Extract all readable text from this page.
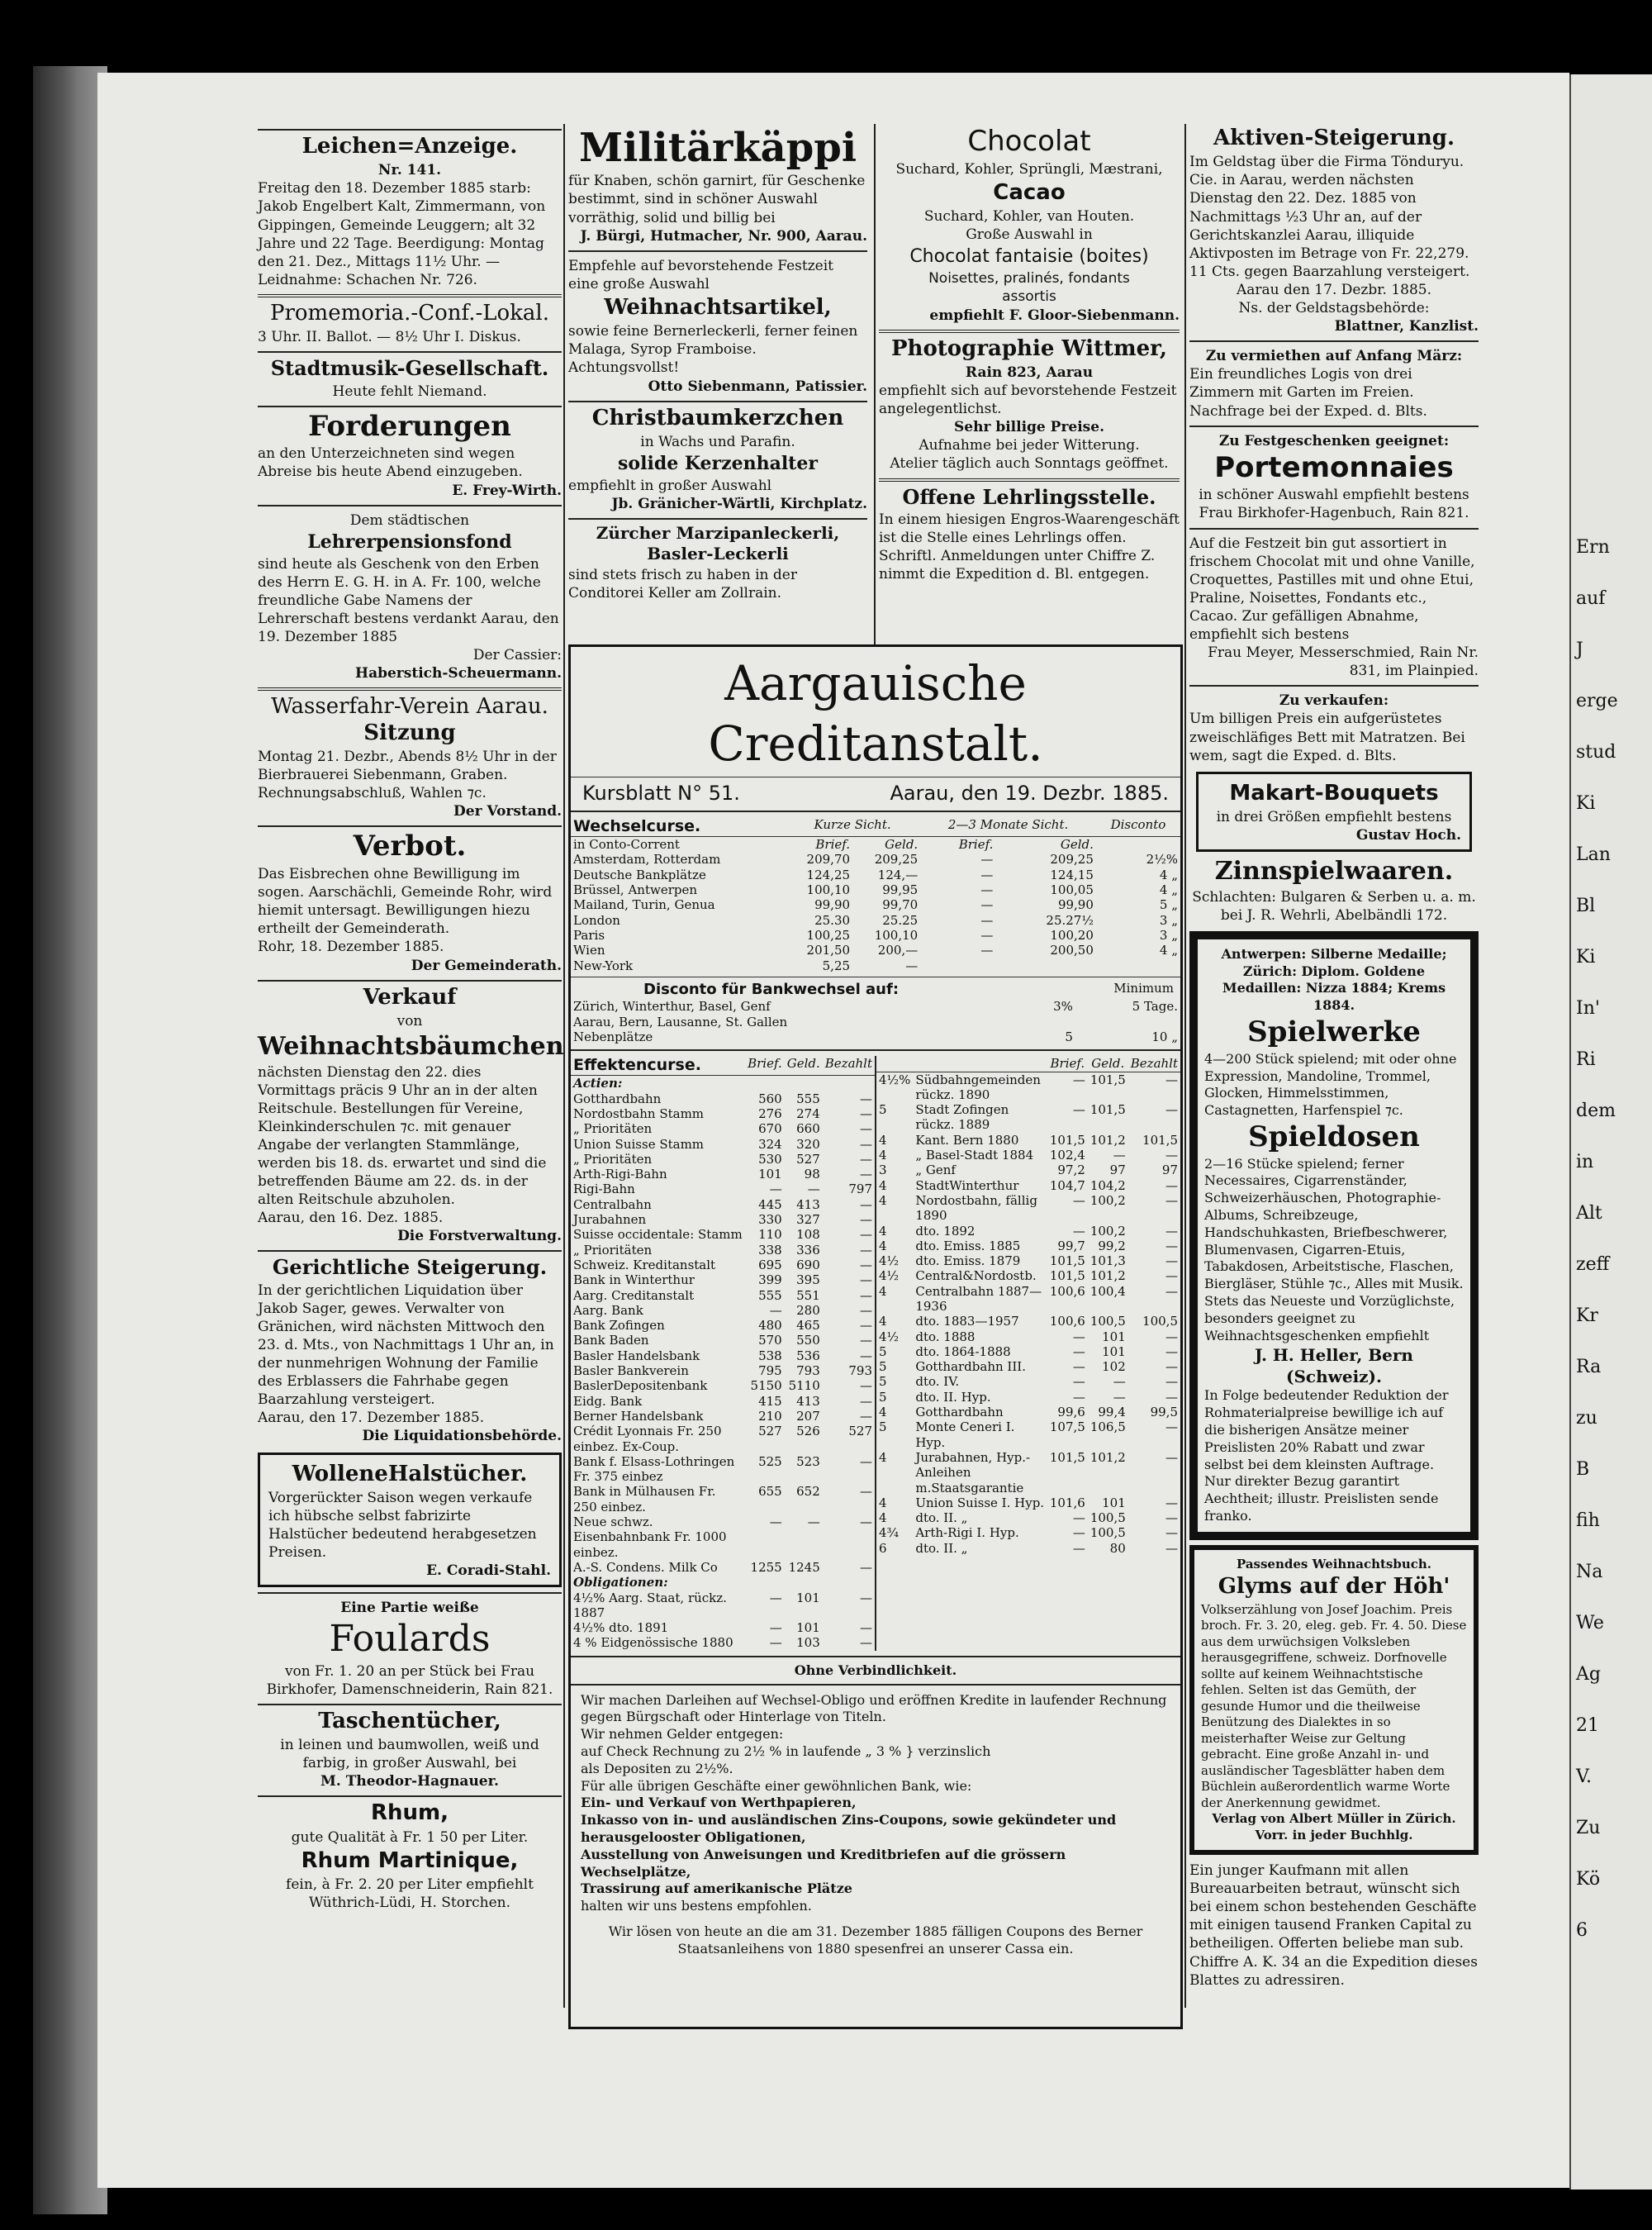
Leichen=Anzeige.
Nr. 141.
Freitag den 18. Dezember 1885 starb: Jakob Engelbert Kalt, Zimmermann, von Gippingen, Gemeinde Leuggern; alt 32 Jahre und 22 Tage. Beerdigung: Montag den 21. Dez., Mittags 11½ Uhr. — Leidnahme: Schachen Nr. 726.
Promemoria.-Conf.-Lokal.
3 Uhr. II. Ballot. — 8½ Uhr I. Diskus.
Stadtmusik-Gesellschaft.
Heute fehlt Niemand.
Forderungen
an den Unterzeichneten sind wegen Abreise bis heute Abend einzugeben.
E. Frey-Wirth.
Dem städtischen
Lehrerpensionsfond
sind heute als Geschenk von den Erben des Herrn E. G. H. in A. Fr. 100, welche freundliche Gabe Namens der Lehrerschaft bestens verdankt Aarau, den 19. Dezember 1885
Der Cassier:
Haberstich-Scheuermann.
Wasserfahr-Verein Aarau.
Sitzung
Montag 21. Dezbr., Abends 8½ Uhr in der Bierbrauerei Siebenmann, Graben. Rechnungsabschluß, Wahlen ⁊c.
Der Vorstand.
Verbot.
Das Eisbrechen ohne Bewilligung im sogen. Aarschächli, Gemeinde Rohr, wird hiemit untersagt. Bewilligungen hiezu ertheilt der Gemeinderath.
Rohr, 18. Dezember 1885.
Der Gemeinderath.
Verkauf
von
Weihnachtsbäumchen
nächsten Dienstag den 22. dies Vormittags präcis 9 Uhr an in der alten Reitschule. Bestellungen für Vereine, Kleinkinderschulen ⁊c. mit genauer Angabe der verlangten Stammlänge, werden bis 18. ds. erwartet und sind die betreffenden Bäume am 22. ds. in der alten Reitschule abzuholen.
Aarau, den 16. Dez. 1885.
Die Forstverwaltung.
Gerichtliche Steigerung.
In der gerichtlichen Liquidation über Jakob Sager, gewes. Verwalter von Gränichen, wird nächsten Mittwoch den 23. d. Mts., von Nachmittags 1 Uhr an, in der nunmehrigen Wohnung der Familie des Erblassers die Fahrhabe gegen Baarzahlung versteigert.
Aarau, den 17. Dezember 1885.
Die Liquidationsbehörde.
WolleneHalstücher.
Vorgerückter Saison wegen verkaufe ich hübsche selbst fabrizirte Halstücher bedeutend herabgesetzen Preisen.
E. Coradi-Stahl.
Eine Partie weiße
Foulards
von Fr. 1. 20 an per Stück bei Frau Birkhofer, Damenschneiderin, Rain 821.
Taschentücher,
in leinen und baumwollen, weiß und farbig, in großer Auswahl, bei
M. Theodor-Hagnauer.
Rhum,
gute Qualität à Fr. 1 50 per Liter.
Rhum Martinique,
fein, à Fr. 2. 20 per Liter empfiehlt Wüthrich-Lüdi, H. Storchen.
Militärkäppi
für Knaben, schön garnirt, für Geschenke bestimmt, sind in schöner Auswahl vorräthig, solid und billig bei
J. Bürgi, Hutmacher, Nr. 900, Aarau.
Empfehle auf bevorstehende Festzeit eine große Auswahl
Weihnachtsartikel,
sowie feine Bernerleckerli, ferner feinen Malaga, Syrop Framboise. Achtungsvollst!
Otto Siebenmann, Patissier.
Christbaumkerzchen
in Wachs und Parafin.
solide Kerzenhalter
empfiehlt in großer Auswahl
Jb. Gränicher-Wärtli, Kirchplatz.
Zürcher Marzipanleckerli,
Basler-Leckerli
sind stets frisch zu haben in der Conditorei Keller am Zollrain.
Chocolat
Suchard, Kohler, Sprüngli, Mæstrani,
Cacao
Suchard, Kohler, van Houten.
Große Auswahl in
Chocolat fantaisie (boites)
Noisettes, pralinés, fondants
assortis
empfiehlt F. Gloor-Siebenmann.
Photographie Wittmer,
Rain 823, Aarau
empfiehlt sich auf bevorstehende Festzeit angelegentlichst.
Sehr billige Preise.
Aufnahme bei jeder Witterung.
Atelier täglich auch Sonntags geöffnet.
Offene Lehrlingsstelle.
In einem hiesigen Engros-Waarengeschäft ist die Stelle eines Lehrlings offen. Schriftl. Anmeldungen unter Chiffre Z. nimmt die Expedition d. Bl. entgegen.
Aargauische Creditanstalt.
Kursblatt N° 51.	Aarau, den 19. Dezbr. 1885.
Wechselcurse.	Kurze Sicht.		2—3 Monate Sicht.		Disconto
in Conto-Corrent	Brief.	Geld.	Brief.	Geld.	
Amsterdam, Rotterdam	209,70	209,25	—	209,25	2½%
Deutsche Bankplätze	124,25	124,—	—	124,15	4 „
Brüssel, Antwerpen	100,10	99,95	—	100,05	4 „
Mailand, Turin, Genua	99,90	99,70	—	99,90	5 „
London	25.30	25.25	—	25.27½	3 „
Paris	100,25	100,10	—	100,20	3 „
Wien	201,50	200,—	—	200,50	4 „
New-York	5,25	—			
Disconto für Bankwechsel auf:	Minimum
Zürich, Winterthur, Basel, Genf	3%	5 Tage.
Aarau, Bern, Lausanne, St. Gallen		
Nebenplätze	5	10 „
Effektencurse.	Brief.	Geld.	Bezahlt
Actien:			
Gotthardbahn	560	555	—
Nordostbahn Stamm	276	274	—
„ Prioritäten	670	660	—
Union Suisse Stamm	324	320	—
„ Prioritäten	530	527	—
Arth-Rigi-Bahn	101	98	—
Rigi-Bahn	—	—	797
Centralbahn	445	413	—
Jurabahnen	330	327	—
Suisse occidentale: Stamm	110	108	—
„ Prioritäten	338	336	—
Schweiz. Kreditanstalt	695	690	—
Bank in Winterthur	399	395	—
Aarg. Creditanstalt	555	551	—
Aarg. Bank	—	280	—
Bank Zofingen	480	465	—
Bank Baden	570	550	—
Basler Handelsbank	538	536	—
Basler Bankverein	795	793	793
BaslerDepositenbank	5150	5110	—
Eidg. Bank	415	413	—
Berner Handelsbank	210	207	—
Crédit Lyonnais Fr. 250 einbez. Ex-Coup.	527	526	527
Bank f. Elsass-Lothringen Fr. 375 einbez	525	523	—
Bank in Mülhausen Fr. 250 einbez.	655	652	—
Neue schwz. Eisenbahnbank Fr. 1000 einbez.	—	—	—
A.-S. Condens. Milk Co	1255	1245	—
Obligationen:			
4½% Aarg. Staat, rückz. 1887	—	101	—
4½% dto. 1891	—	101	—
4 % Eidgenössische 1880	—	103	—
		Brief.	Geld.	Bezahlt
4½%	Südbahngemeinden rückz. 1890	—	101,5	—
5	Stadt Zofingen rückz. 1889	—	101,5	—
4	Kant. Bern 1880	101,5	101,2	101,5
4	„ Basel-Stadt 1884	102,4	—	—
3	„ Genf	97,2	97	97
4	StadtWinterthur	104,7	104,2	—
4	Nordostbahn, fällig 1890	—	100,2	—
4	dto. 1892	—	100,2	—
4	dto. Emiss. 1885	99,7	99,2	—
4½	dto. Emiss. 1879	101,5	101,3	—
4½	Central&Nordostb.	101,5	101,2	—
4	Centralbahn 1887—1936	100,6	100,4	—
4	dto. 1883—1957	100,6	100,5	100,5
4½	dto. 1888	—	101	—
5	dto. 1864-1888	—	101	—
5	Gotthardbahn III.	—	102	—
5	dto. IV.	—	—	—
5	dto. II. Hyp.	—	—	—
4	Gotthardbahn	99,6	99,4	99,5
5	Monte Ceneri I. Hyp.	107,5	106,5	—
4	Jurabahnen, Hyp.-Anleihen m.Staatsgarantie	101,5	101,2	—
4	Union Suisse I. Hyp.	101,6	101	—
4	dto. II. „	—	100,5	—
4¾	Arth-Rigi I. Hyp.	—	100,5	—
6	dto. II. „	—	80	—
Ohne Verbindlichkeit.
Wir machen Darleihen auf Wechsel-Obligo und eröffnen Kredite in laufender Rechnung gegen Bürgschaft oder Hinterlage von Titeln.
Wir nehmen Gelder entgegen:
auf Check Rechnung zu 2½ % in laufende „ 3 % } verzinslich
als Depositen zu 2½%.
Für alle übrigen Geschäfte einer gewöhnlichen Bank, wie:
Ein- und Verkauf von Werthpapieren,
Inkasso von in- und ausländischen Zins-Coupons, sowie gekündeter und herausgelooster Obligationen,
Ausstellung von Anweisungen und Kreditbriefen auf die grössern Wechselplätze,
Trassirung auf amerikanische Plätze
halten wir uns bestens empfohlen.
Wir lösen von heute an die am 31. Dezember 1885 fälligen Coupons des Berner Staatsanleihens von 1880 spesenfrei an unserer Cassa ein.
Aktiven-Steigerung.
Im Geldstag über die Firma Tönduryu. Cie. in Aarau, werden nächsten Dienstag den 22. Dez. 1885 von Nachmittags ½3 Uhr an, auf der Gerichtskanzlei Aarau, illiquide Aktivposten im Betrage von Fr. 22,279. 11 Cts. gegen Baarzahlung versteigert.
Aarau den 17. Dezbr. 1885.
Ns. der Geldstagsbehörde:
Blattner, Kanzlist.
Zu vermiethen auf Anfang März:
Ein freundliches Logis von drei Zimmern mit Garten im Freien. Nachfrage bei der Exped. d. Blts.
Zu Festgeschenken geeignet:
Portemonnaies
in schöner Auswahl empfiehlt bestens Frau Birkhofer-Hagenbuch, Rain 821.
Auf die Festzeit bin gut assortiert in frischem Chocolat mit und ohne Vanille, Croquettes, Pastilles mit und ohne Etui, Praline, Noisettes, Fondants etc., Cacao. Zur gefälligen Abnahme, empfiehlt sich bestens
Frau Meyer, Messerschmied, Rain Nr. 831, im Plainpied.
Zu verkaufen:
Um billigen Preis ein aufgerüstetes zweischläfiges Bett mit Matratzen. Bei wem, sagt die Exped. d. Blts.
Makart-Bouquets
in drei Größen empfiehlt bestens
Gustav Hoch.
Zinnspielwaaren.
Schlachten: Bulgaren & Serben u. a. m. bei J. R. Wehrli, Abelbändli 172.
Antwerpen: Silberne Medaille; Zürich: Diplom. Goldene Medaillen: Nizza 1884; Krems 1884.
Spielwerke
4—200 Stück spielend; mit oder ohne Expression, Mandoline, Trommel, Glocken, Himmelsstimmen, Castagnetten, Harfenspiel ⁊c.
Spieldosen
2—16 Stücke spielend; ferner Necessaires, Cigarrenständer, Schweizerhäuschen, Photographie-Albums, Schreibzeuge, Handschuhkasten, Briefbeschwerer, Blumenvasen, Cigarren-Etuis, Tabakdosen, Arbeitstische, Flaschen, Biergläser, Stühle ⁊c., Alles mit Musik. Stets das Neueste und Vorzüglichste, besonders geeignet zu Weihnachtsgeschenken empfiehlt
J. H. Heller, Bern (Schweiz).
In Folge bedeutender Reduktion der Rohmaterialpreise bewillige ich auf die bisherigen Ansätze meiner Preislisten 20% Rabatt und zwar selbst bei dem kleinsten Auftrage. Nur direkter Bezug garantirt Aechtheit; illustr. Preislisten sende franko.
Passendes Weihnachtsbuch.
Glyms auf der Höh'
Volkserzählung von Josef Joachim. Preis broch. Fr. 3. 20, eleg. geb. Fr. 4. 50. Diese aus dem urwüchsigen Volksleben herausgegriffene, schweiz. Dorfnovelle sollte auf keinem Weihnachtstische fehlen. Selten ist das Gemüth, der gesunde Humor und die theilweise Benützung des Dialektes in so meisterhafter Weise zur Geltung gebracht. Eine große Anzahl in- und ausländischer Tagesblätter haben dem Büchlein außerordentlich warme Worte der Anerkennung gewidmet.
Verlag von Albert Müller in Zürich. Vorr. in jeder Buchhlg.
Ein junger Kaufmann mit allen Bureauarbeiten betraut, wünscht sich bei einem schon bestehenden Geschäfte mit einigen tausend Franken Capital zu betheiligen. Offerten beliebe man sub. Chiffre A. K. 34 an die Expedition dieses Blattes zu adressiren.
Ern
auf
J
erge
stud
Ki
Lan
Bl
Ki
In'
Ri
dem
in
Alt
zeff
Kr
Ra
zu
B
fih
Na
We
Ag
21
V.
Zu
Kö
6
